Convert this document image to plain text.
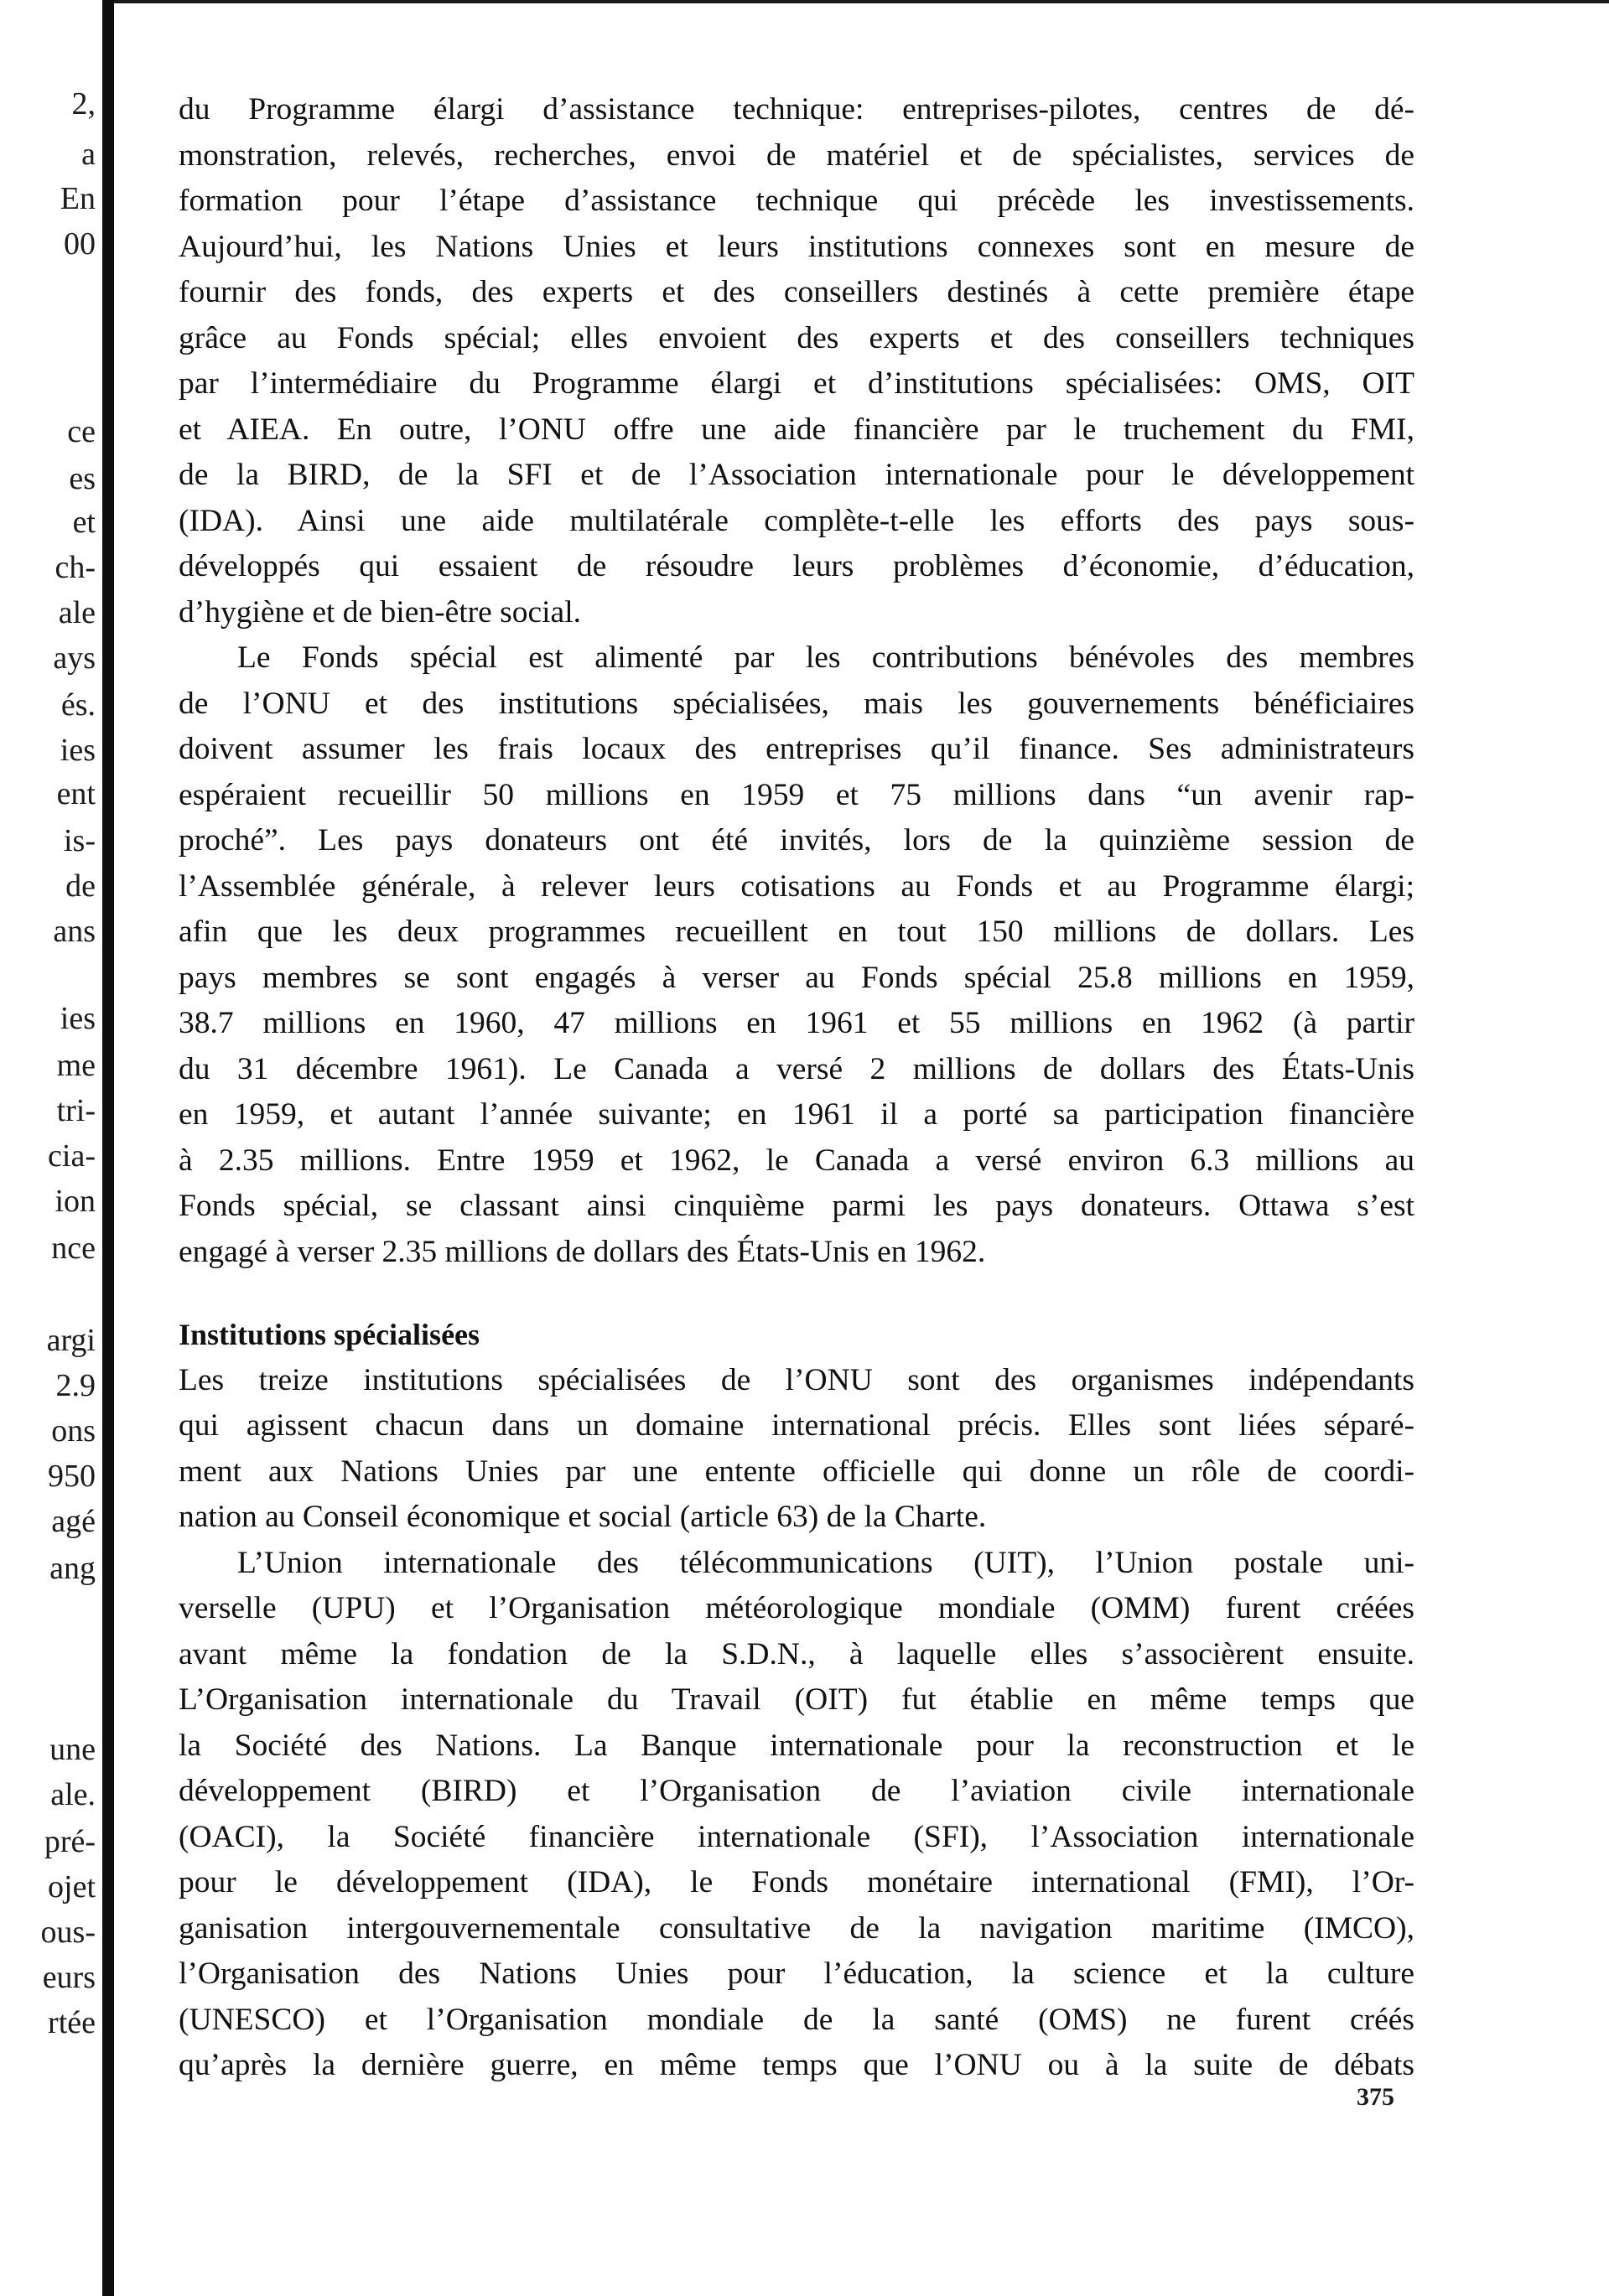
2,
a
En
00
ce
es
et
ch-
ale
ays
és.
ies
ent
is-
de
ans
ies
me
tri-
cia-
ion
nce
argi
2.9
ons
950
agé
ang
une
ale.
pré-
ojet
ous-
eurs
rtée
du Programme élargi d’assistance technique: entreprises-pilotes, centres de dé-
monstration, relevés, recherches, envoi de matériel et de spécialistes, services de
formation pour l’étape d’assistance technique qui précède les investissements.
Aujourd’hui, les Nations Unies et leurs institutions connexes sont en mesure de
fournir des fonds, des experts et des conseillers destinés à cette première étape
grâce au Fonds spécial; elles envoient des experts et des conseillers techniques
par l’intermédiaire du Programme élargi et d’institutions spécialisées: OMS, OIT
et AIEA. En outre, l’ONU offre une aide financière par le truchement du FMI,
de la BIRD, de la SFI et de l’Association internationale pour le développement
(IDA). Ainsi une aide multilatérale complète-t-elle les efforts des pays sous-
développés qui essaient de résoudre leurs problèmes d’économie, d’éducation,
d’hygiène et de bien-être social.
Le Fonds spécial est alimenté par les contributions bénévoles des membres
de l’ONU et des institutions spécialisées, mais les gouvernements bénéficiaires
doivent assumer les frais locaux des entreprises qu’il finance. Ses administrateurs
espéraient recueillir 50 millions en 1959 et 75 millions dans “un avenir rap-
proché”. Les pays donateurs ont été invités, lors de la quinzième session de
l’Assemblée générale, à relever leurs cotisations au Fonds et au Programme élargi;
afin que les deux programmes recueillent en tout 150 millions de dollars. Les
pays membres se sont engagés à verser au Fonds spécial 25.8 millions en 1959,
38.7 millions en 1960, 47 millions en 1961 et 55 millions en 1962 (à partir
du 31 décembre 1961). Le Canada a versé 2 millions de dollars des États-Unis
en 1959, et autant l’année suivante; en 1961 il a porté sa participation financière
à 2.35 millions. Entre 1959 et 1962, le Canada a versé environ 6.3 millions au
Fonds spécial, se classant ainsi cinquième parmi les pays donateurs. Ottawa s’est
engagé à verser 2.35 millions de dollars des États-Unis en 1962.
Institutions spécialisées
Les treize institutions spécialisées de l’ONU sont des organismes indépendants
qui agissent chacun dans un domaine international précis. Elles sont liées séparé-
ment aux Nations Unies par une entente officielle qui donne un rôle de coordi-
nation au Conseil économique et social (article 63) de la Charte.
L’Union internationale des télécommunications (UIT), l’Union postale uni-
verselle (UPU) et l’Organisation météorologique mondiale (OMM) furent créées
avant même la fondation de la S.D.N., à laquelle elles s’associèrent ensuite.
L’Organisation internationale du Travail (OIT) fut établie en même temps que
la Société des Nations. La Banque internationale pour la reconstruction et le
développement (BIRD) et l’Organisation de l’aviation civile internationale
(OACI), la Société financière internationale (SFI), l’Association internationale
pour le développement (IDA), le Fonds monétaire international (FMI), l’Or-
ganisation intergouvernementale consultative de la navigation maritime (IMCO),
l’Organisation des Nations Unies pour l’éducation, la science et la culture
(UNESCO) et l’Organisation mondiale de la santé (OMS) ne furent créés
qu’après la dernière guerre, en même temps que l’ONU ou à la suite de débats
375
